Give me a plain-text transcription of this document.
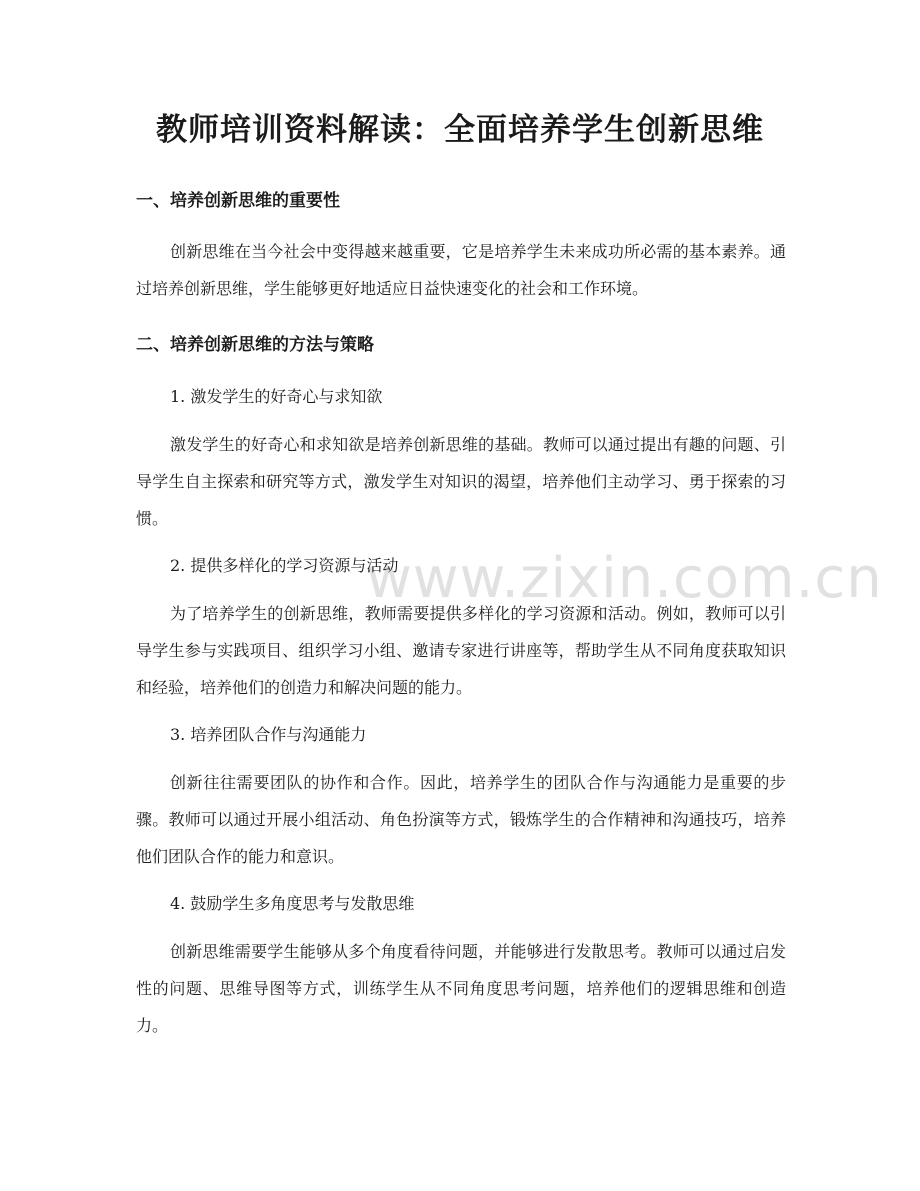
教师培训资料解读：全面培养学生创新思维
www.zixin.com.cn
一、培养创新思维的重要性

创新思维在当今社会中变得越来越重要，它是培养学生未来成功所必需的基本素养。通过培养创新思维，学生能够更好地适应日益快速变化的社会和工作环境。

二、培养创新思维的方法与策略

1. 激发学生的好奇心与求知欲

激发学生的好奇心和求知欲是培养创新思维的基础。教师可以通过提出有趣的问题、引导学生自主探索和研究等方式，激发学生对知识的渴望，培养他们主动学习、勇于探索的习惯。

2. 提供多样化的学习资源与活动

为了培养学生的创新思维，教师需要提供多样化的学习资源和活动。例如，教师可以引导学生参与实践项目、组织学习小组、邀请专家进行讲座等，帮助学生从不同角度获取知识和经验，培养他们的创造力和解决问题的能力。

3. 培养团队合作与沟通能力

创新往往需要团队的协作和合作。因此，培养学生的团队合作与沟通能力是重要的步骤。教师可以通过开展小组活动、角色扮演等方式，锻炼学生的合作精神和沟通技巧，培养他们团队合作的能力和意识。

4. 鼓励学生多角度思考与发散思维

创新思维需要学生能够从多个角度看待问题，并能够进行发散思考。教师可以通过启发性的问题、思维导图等方式，训练学生从不同角度思考问题，培养他们的逻辑思维和创造力。
